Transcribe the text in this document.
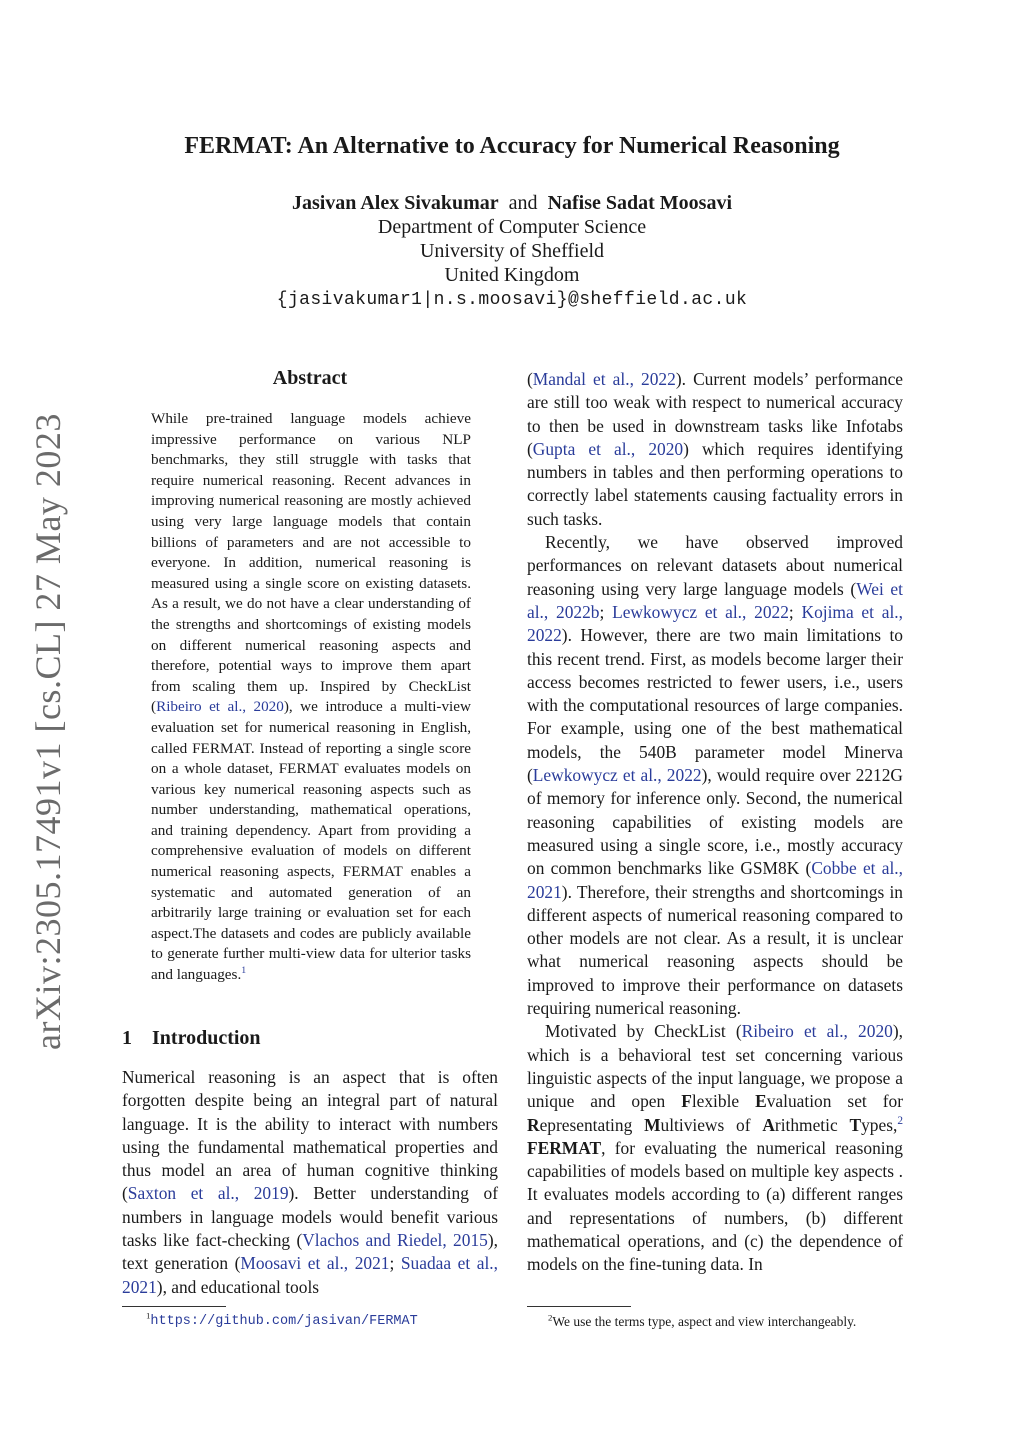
FERMAT: An Alternative to Accuracy for Numerical Reasoning
Jasivan Alex Sivakumar and Nafise Sadat Moosavi
Department of Computer Science
University of Sheffield
United Kingdom
{jasivakumar1|n.s.moosavi}@sheffield.ac.uk
arXiv:2305.17491v1 [cs.CL] 27 May 2023
Abstract
While pre-trained language models achieve impressive performance on various NLP benchmarks, they still struggle with tasks that require numerical reasoning. Recent advances in improving numerical reasoning are mostly achieved using very large language models that contain billions of parameters and are not accessible to everyone. In addition, numerical reasoning is measured using a single score on existing datasets. As a result, we do not have a clear understanding of the strengths and shortcomings of existing models on different numerical reasoning aspects and therefore, potential ways to improve them apart from scaling them up. Inspired by CheckList (Ribeiro et al., 2020), we introduce a multi-view evaluation set for numerical reasoning in English, called FERMAT. Instead of reporting a single score on a whole dataset, FERMAT evaluates models on various key numerical reasoning aspects such as number understanding, mathematical operations, and training dependency. Apart from providing a comprehensive evaluation of models on different numerical reasoning aspects, FERMAT enables a systematic and automated generation of an arbitrarily large training or evaluation set for each aspect.The datasets and codes are publicly available to generate further multi-view data for ulterior tasks and languages.$^1$
1 Introduction
Numerical reasoning is an aspect that is often forgotten despite being an integral part of natural language. It is the ability to interact with numbers using the fundamental mathematical properties and thus model an area of human cognitive thinking (Saxton et al., 2019). Better understanding of numbers in language models would benefit various tasks like fact-checking (Vlachos and Riedel, 2015), text generation (Moosavi et al., 2021; Suadaa et al., 2021), and educational tools

(Mandal et al., 2022). Current models’ performance are still too weak with respect to numerical accuracy to then be used in downstream tasks like Infotabs (Gupta et al., 2020) which requires identifying numbers in tables and then performing operations to correctly label statements causing factuality errors in such tasks.

Recently, we have observed improved performances on relevant datasets about numerical reasoning using very large language models (Wei et al., 2022b; Lewkowycz et al., 2022; Kojima et al., 2022). However, there are two main limitations to this recent trend. First, as models become larger their access becomes restricted to fewer users, i.e., users with the computational resources of large companies. For example, using one of the best mathematical models, the 540B parameter model Minerva (Lewkowycz et al., 2022), would require over 2212G of memory for inference only. Second, the numerical reasoning capabilities of existing models are measured using a single score, i.e., mostly accuracy on common benchmarks like GSM8K (Cobbe et al., 2021). Therefore, their strengths and shortcomings in different aspects of numerical reasoning compared to other models are not clear. As a result, it is unclear what numerical reasoning aspects should be improved to improve their performance on datasets requiring numerical reasoning.

Motivated by CheckList (Ribeiro et al., 2020), which is a behavioral test set concerning various linguistic aspects of the input language, we propose a unique and open Flexible Evaluation set for Representating Multiviews of Arithmetic Types,$^2$ FERMAT, for evaluating the numerical reasoning capabilities of models based on multiple key aspects . It evaluates models according to (a) different ranges and representations of numbers, (b) different mathematical operations, and (c) the dependence of models on the fine-tuning data. In

$^1$https://github.com/jasivan/FERMAT	$^2$We use the terms type, aspect and view interchangeably.
